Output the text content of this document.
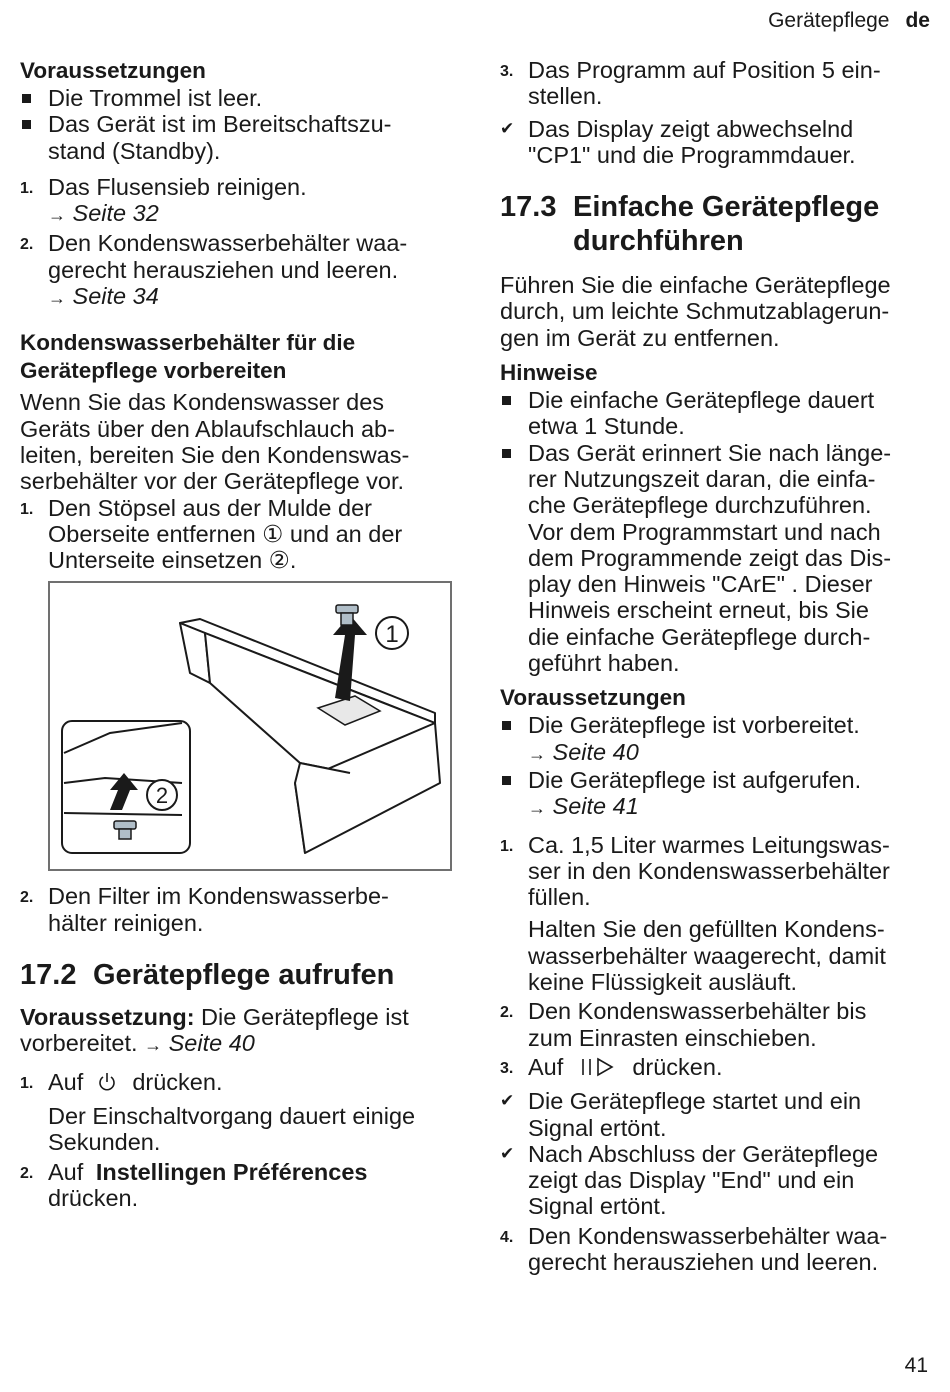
Gerätepflege de
Voraussetzungen
Die Trommel ist leer.
Das Gerät ist im Bereitschaftszu-
stand (Standby).
1. Das Flusensieb reinigen.
→ Seite 32
2. Den Kondenswasserbehälter waa-
gerecht herausziehen und leeren.
→ Seite 34
Kondenswasserbehälter für die
Gerätepflege vorbereiten

Wenn Sie das Kondenswasser des
Geräts über den Ablaufschlauch ab-
leiten, bereiten Sie den Kondenswas-
serbehälter vor der Gerätepflege vor.

1. Den Stöpsel aus der Mulde der
Oberseite entfernen ① und an der
Unterseite einsetzen ②.
1
2
2. Den Filter im Kondenswasserbe-
hälter reinigen.
17.2 Gerätepflege aufrufen

Voraussetzung: Die Gerätepflege ist
vorbereitet. → Seite 40

1. Auf drücken.

Der Einschaltvorgang dauert einige
Sekunden.

2. Auf Instellingen Préférences
drücken.
3. Das Programm auf Position 5 ein-
stellen.
✔ Das Display zeigt abwechselnd
"CP1" und die Programmdauer.
17.3 Einfache Gerätepflege
durchführen

Führen Sie die einfache Gerätepflege
durch, um leichte Schmutzablagerun-
gen im Gerät zu entfernen.

Hinweise
Die einfache Gerätepflege dauert
etwa 1 Stunde.
Das Gerät erinnert Sie nach länge-
rer Nutzungszeit daran, die einfa-
che Gerätepflege durchzuführen.
Vor dem Programmstart und nach
dem Programmende zeigt das Dis-
play den Hinweis "CArE" . Dieser
Hinweis erscheint erneut, bis Sie
die einfache Gerätepflege durch-
geführt haben.
Voraussetzungen
Die Gerätepflege ist vorbereitet.
→ Seite 40
Die Gerätepflege ist aufgerufen.
→ Seite 41
1. Ca. 1,5 Liter warmes Leitungswas-
ser in den Kondenswasserbehälter
füllen.

Halten Sie den gefüllten Kondens-
wasserbehälter waagerecht, damit
keine Flüssigkeit ausläuft.

2. Den Kondenswasserbehälter bis
zum Einrasten einschieben.
3. Auf	drücken.
✔ Die Gerätepflege startet und ein
Signal ertönt.
✔ Nach Abschluss der Gerätepflege
zeigt das Display "End" und ein
Signal ertönt.
4. Den Kondenswasserbehälter waa-
gerecht herausziehen und leeren.
41
